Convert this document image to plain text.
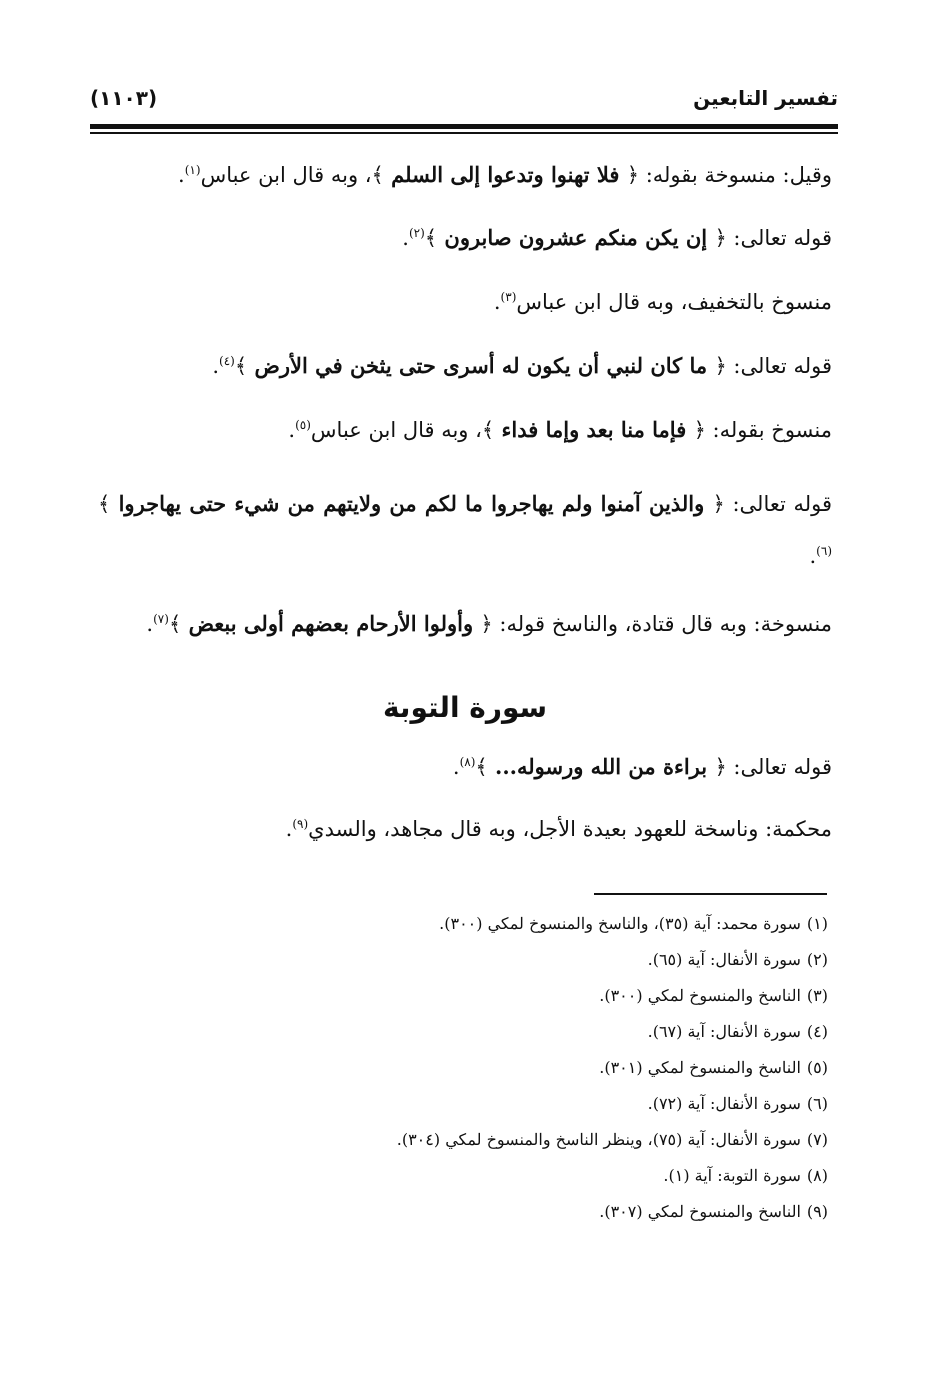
تفسير التابعين
(١١٠٣)

وقيل: منسوخة بقوله: ﴿ فلا تهنوا وتدعوا إلى السلم ﴾، وبه قال ابن عباس$^{(١)}$.

قوله تعالى: ﴿ إن يكن منكم عشرون صابرون ﴾$^{(٢)}$.

منسوخ بالتخفيف، وبه قال ابن عباس$^{(٣)}$.

قوله تعالى: ﴿ ما كان لنبي أن يكون له أسرى حتى يثخن في الأرض ﴾$^{(٤)}$.

منسوخ بقوله: ﴿ فإما منا بعد وإما فداء ﴾، وبه قال ابن عباس$^{(٥)}$.

قوله تعالى: ﴿ والذين آمنوا ولم يهاجروا ما لكم من ولايتهم من شيء حتى يهاجروا ﴾$^{(٦)}$.

منسوخة: وبه قال قتادة، والناسخ قوله: ﴿ وأولوا الأرحام بعضهم أولى ببعض ﴾$^{(٧)}$.

سورة التوبة

قوله تعالى: ﴿ براءة من الله ورسوله... ﴾$^{(٨)}$.

محكمة: وناسخة للعهود بعيدة الأجل، وبه قال مجاهد، والسدي$^{(٩)}$.

(١)سورة محمد: آية (٣٥)، والناسخ والمنسوخ لمكي (٣٠٠).
(٢)سورة الأنفال: آية (٦٥).
(٣)الناسخ والمنسوخ لمكي (٣٠٠).
(٤)سورة الأنفال: آية (٦٧).
(٥)الناسخ والمنسوخ لمكي (٣٠١).
(٦)سورة الأنفال: آية (٧٢).
(٧)سورة الأنفال: آية (٧٥)، وينظر الناسخ والمنسوخ لمكي (٣٠٤).
(٨)سورة التوبة: آية (١).
(٩)الناسخ والمنسوخ لمكي (٣٠٧).
